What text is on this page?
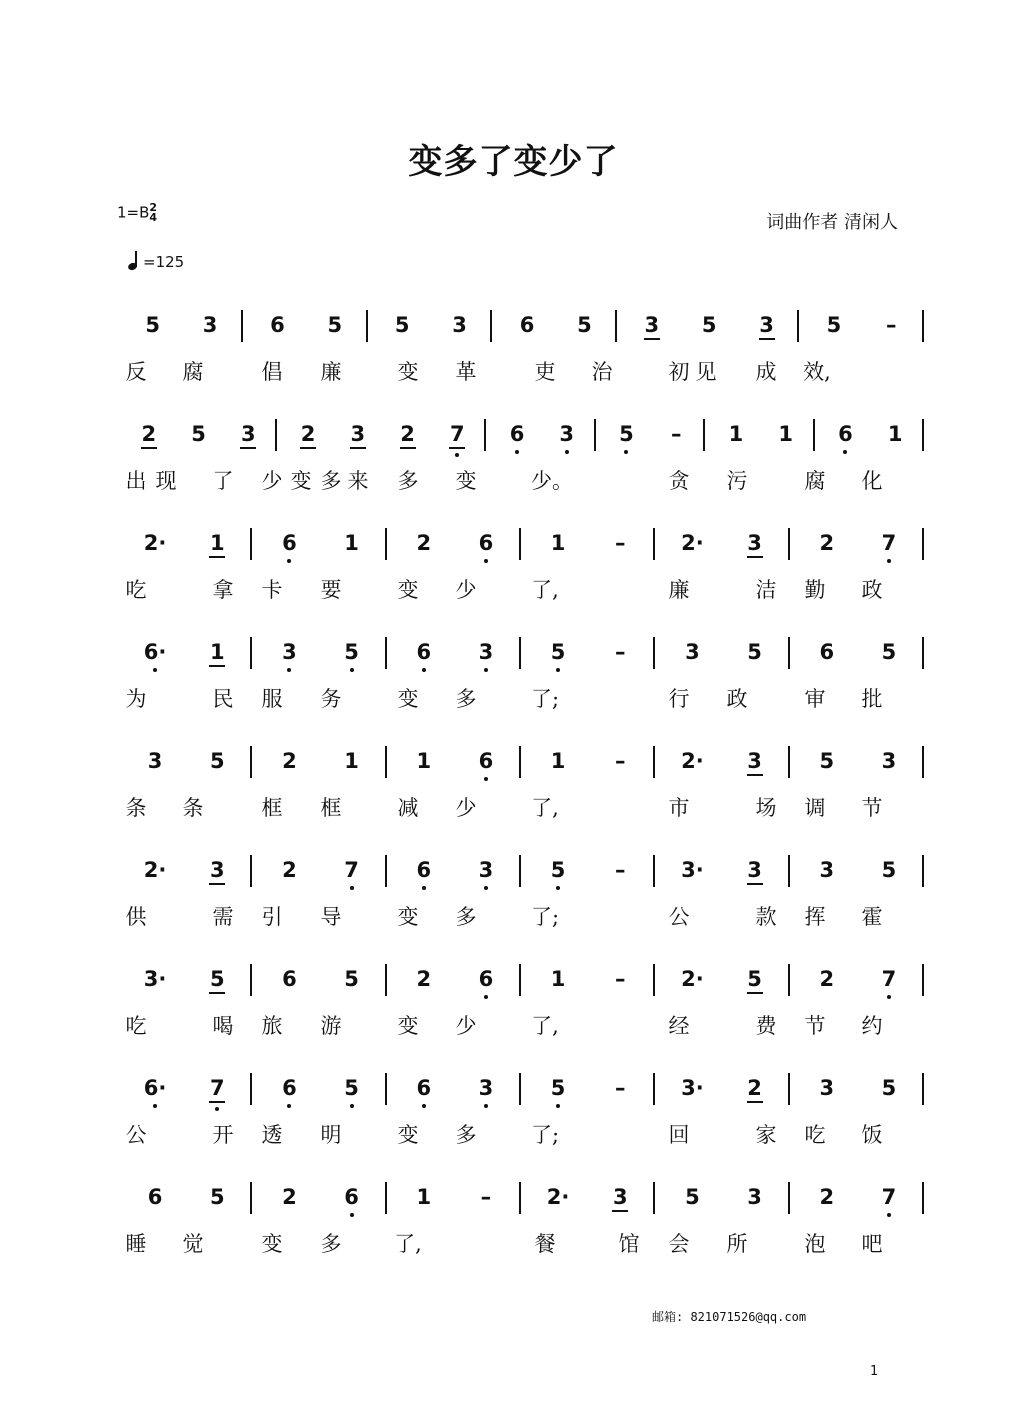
变多了变少了
1=B 2
4
=125
词曲作者 清闲人
5 3	6 5	5 3	6 5	3 5 3	5	–
反 腐	倡 廉	变 革	吏 治	初 见 成 效,
2 5 3 2 3 2 7 6 3 5	–	1 1 6 1
出 现 了 少 变 多 来 多 变	少。	贪 污	腐 化
2· 1	6 1	2 6	1	–	2· 3	2 7
吃	拿 卡 要	变 少	了,	廉	洁 勤 政
6· 1	3 5	6 3	5	–	3 5	6 5
为	民 服 务	变 多	了;	行 政	审 批
3 5	2 1	1 6	1	–	2· 3	5 3
条 条	框 框	减 少	了,	市	场 调 节
2· 3	2 7	6 3	5	–	3· 3	3 5
供	需 引 导	变 多	了;	公	款 挥 霍
3· 5	6 5	2 6	1	–	2· 5	2 7
吃	喝 旅 游	变 少	了,	经	费 节 约
6· 7	6 5	6 3	5	–	3· 2	3 5
公	开 透 明	变 多	了;	回	家 吃 饭
6 5	2 6	1	–	2· 3	5 3	2 7
睡 觉	变 多	了,	餐	馆 会 所	泡 吧
邮箱: 821071526@qq.com
1
